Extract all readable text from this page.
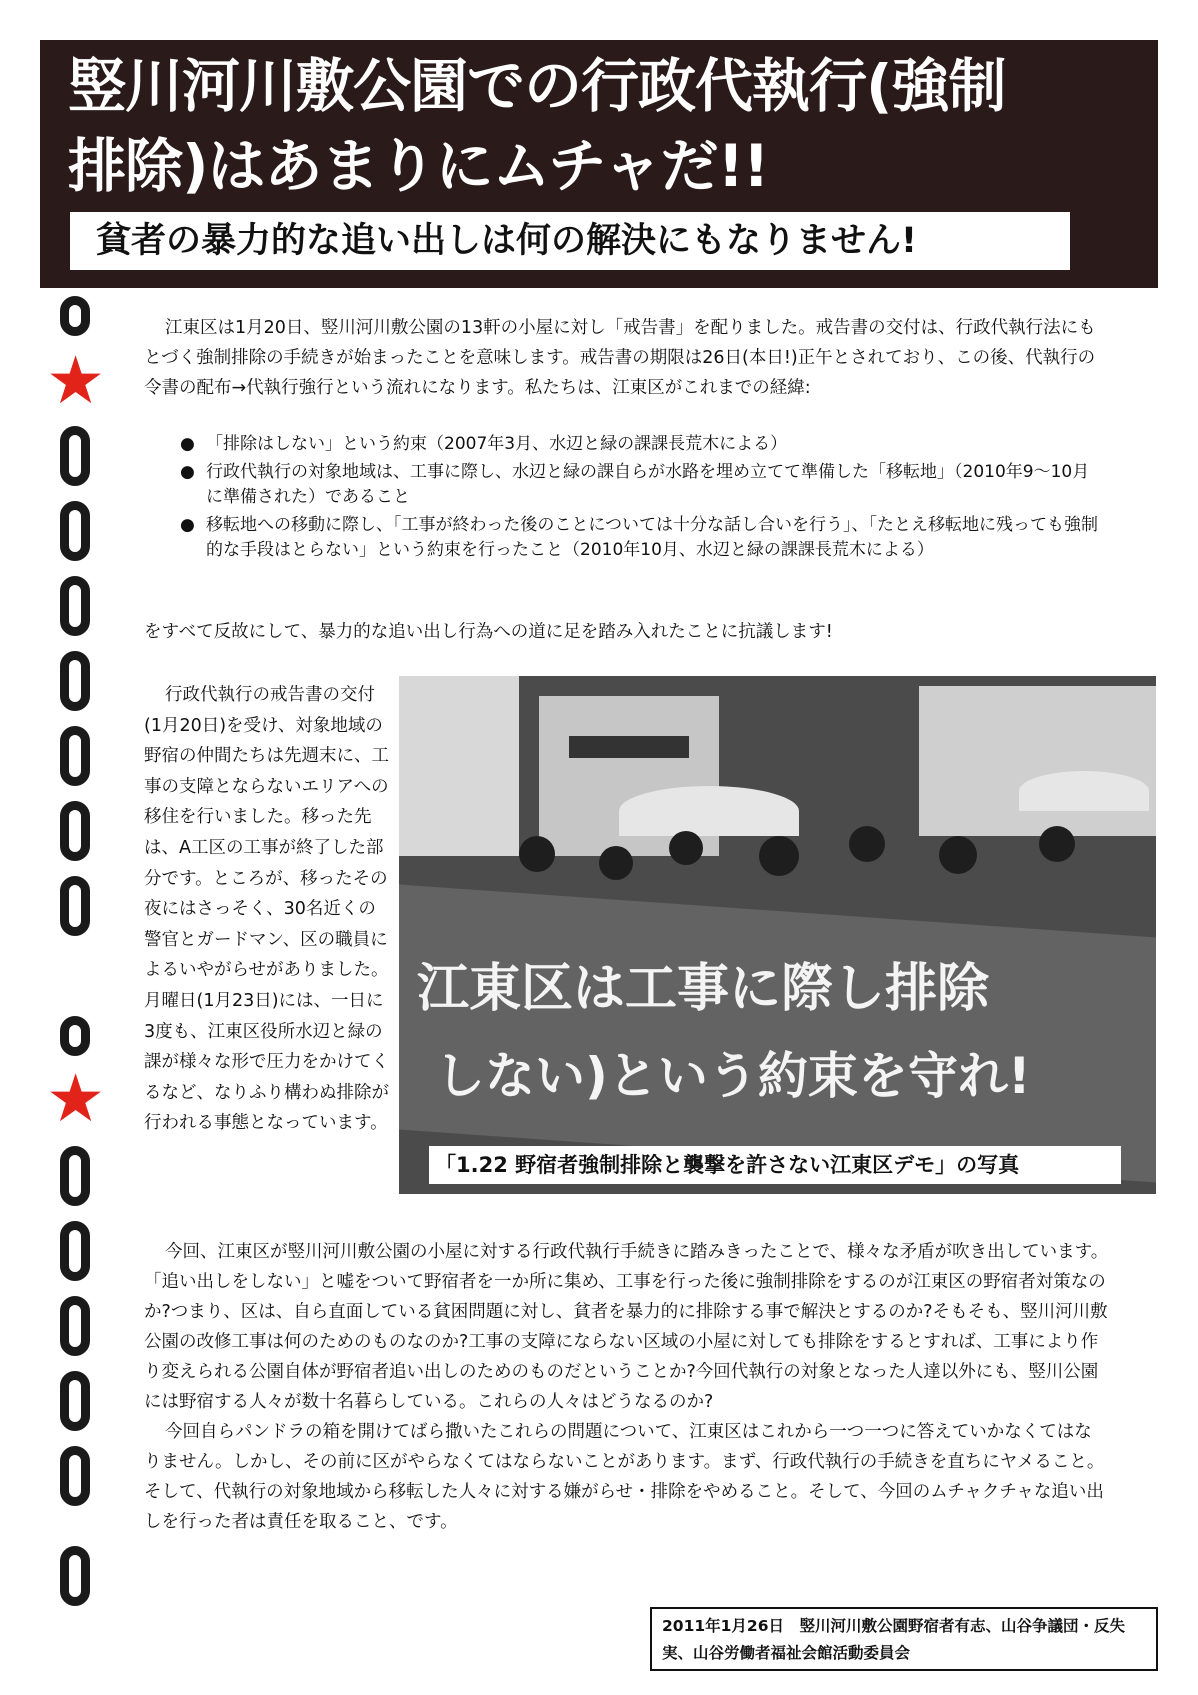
竪川河川敷公園での行政代執行(強制
排除)はあまりにムチャだ!!
貧者の暴力的な追い出しは何の解決にもなりません!
★
★

江東区は1月20日、竪川河川敷公園の13軒の小屋に対し「戒告書」を配りました。戒告書の交付は、行政代執行法にもとづく強制排除の手続きが始まったことを意味します。戒告書の期限は26日(本日!)正午とされており、この後、代執行の令書の配布→代執行強行という流れになります。私たちは、江東区がこれまでの経緯:

● 「排除はしない」という約束（2007年3月、水辺と緑の課課長荒木による）
● 行政代執行の対象地域は、工事に際し、水辺と緑の課自らが水路を埋め立てて準備した「移転地」（2010年9〜10月に準備された）であること
● 移転地への移動に際し、「工事が終わった後のことについては十分な話し合いを行う」、「たとえ移転地に残っても強制的な手段はとらない」という約束を行ったこと（2010年10月、水辺と緑の課課長荒木による）
をすべて反故にして、暴力的な追い出し行為への道に足を踏み入れたことに抗議します!

行政代執行の戒告書の交付(1月20日)を受け、対象地域の野宿の仲間たちは先週末に、工事の支障とならないエリアへの移住を行いました。移った先は、A工区の工事が終了した部分です。ところが、移ったその夜にはさっそく、30名近くの警官とガードマン、区の職員によるいやがらせがありました。月曜日(1月23日)には、一日に3度も、江東区役所水辺と緑の課が様々な形で圧力をかけてくるなど、なりふり構わぬ排除が行われる事態となっています。

江東区は工事に際し排除
しない)という約束を守れ!
「1.22 野宿者強制排除と襲撃を許さない江東区デモ」の写真

今回、江東区が竪川河川敷公園の小屋に対する行政代執行手続きに踏みきったことで、様々な矛盾が吹き出しています。「追い出しをしない」と嘘をついて野宿者を一か所に集め、工事を行った後に強制排除をするのが江東区の野宿者対策なのか?つまり、区は、自ら直面している貧困問題に対し、貧者を暴力的に排除する事で解決とするのか?そもそも、竪川河川敷公園の改修工事は何のためのものなのか?工事の支障にならない区域の小屋に対しても排除をするとすれば、工事により作り変えられる公園自体が野宿者追い出しのためのものだということか?今回代執行の対象となった人達以外にも、竪川公園には野宿する人々が数十名暮らしている。これらの人々はどうなるのか?

今回自らパンドラの箱を開けてばら撒いたこれらの問題について、江東区はこれから一つ一つに答えていかなくてはなりません。しかし、その前に区がやらなくてはならないことがあります。まず、行政代執行の手続きを直ちにヤメること。そして、代執行の対象地域から移転した人々に対する嫌がらせ・排除をやめること。そして、今回のムチャクチャな追い出しを行った者は責任を取ること、です。

2011年1月26日　竪川河川敷公園野宿者有志、山谷争議団・反失実、山谷労働者福祉会館活動委員会
